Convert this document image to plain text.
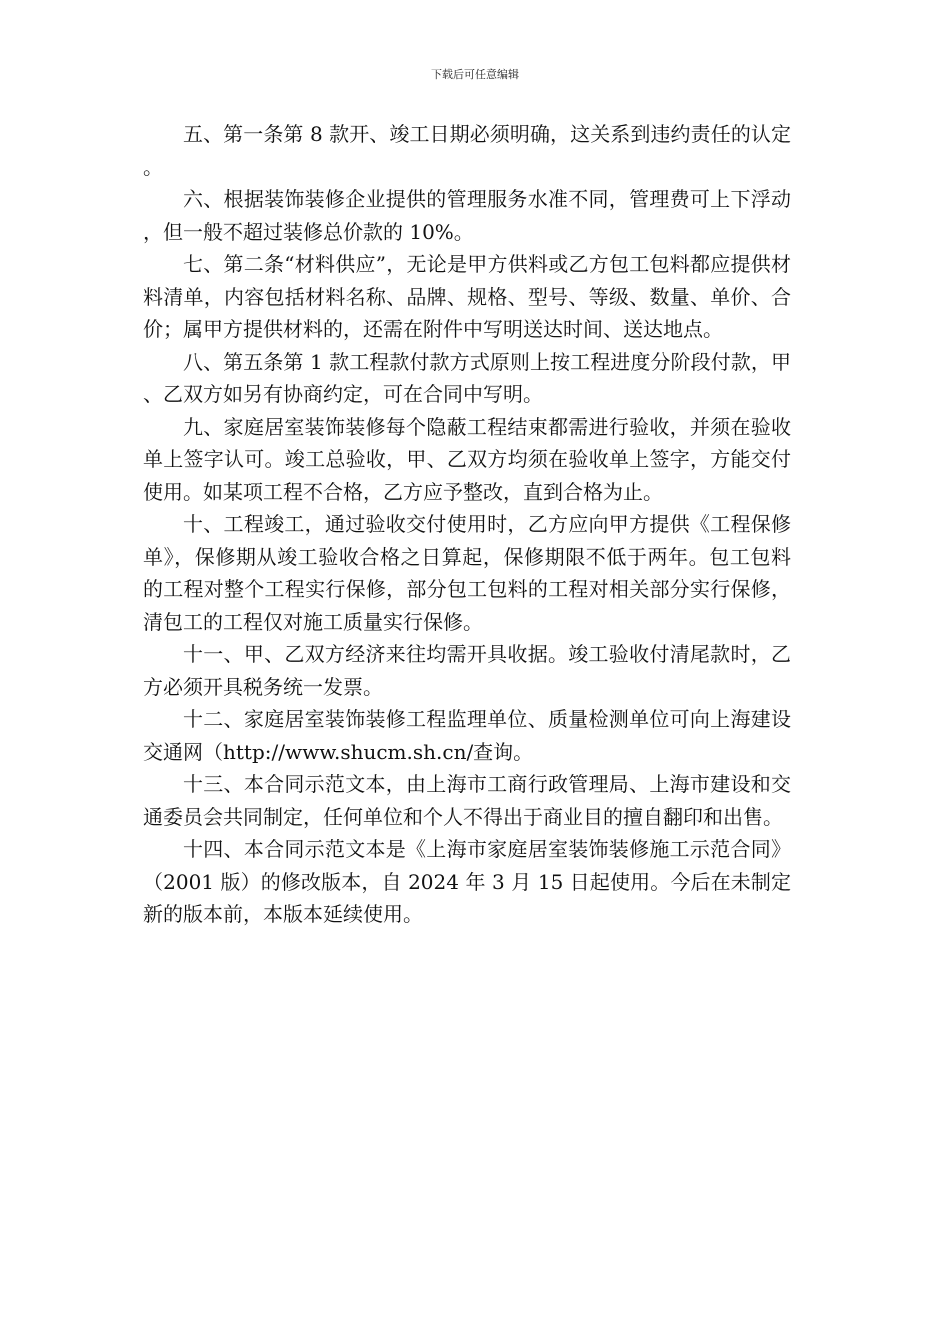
下载后可任意编辑

五、第一条第 8 款开、竣工日期必须明确，这关系到违约责任的认定。

六、根据装饰装修企业提供的管理服务水准不同，管理费可上下浮动，但一般不超过装修总价款的 10%。

七、第二条“材料供应”，无论是甲方供料或乙方包工包料都应提供材料清单，内容包括材料名称、品牌、规格、型号、等级、数量、单价、合价；属甲方提供材料的，还需在附件中写明送达时间、送达地点。

八、第五条第 1 款工程款付款方式原则上按工程进度分阶段付款，甲、乙双方如另有协商约定，可在合同中写明。

九、家庭居室装饰装修每个隐蔽工程结束都需进行验收，并须在验收单上签字认可。竣工总验收，甲、乙双方均须在验收单上签字，方能交付使用。如某项工程不合格，乙方应予整改，直到合格为止。

十、工程竣工，通过验收交付使用时，乙方应向甲方提供《工程保修单》，保修期从竣工验收合格之日算起，保修期限不低于两年。包工包料的工程对整个工程实行保修，部分包工包料的工程对相关部分实行保修，清包工的工程仅对施工质量实行保修。

十一、甲、乙双方经济来往均需开具收据。竣工验收付清尾款时，乙方必须开具税务统一发票。

十二、家庭居室装饰装修工程监理单位、质量检测单位可向上海建设交通网（http://www.shucm.sh.cn/查询。

十三、本合同示范文本，由上海市工商行政管理局、上海市建设和交通委员会共同制定，任何单位和个人不得出于商业目的擅自翻印和出售。

十四、本合同示范文本是《上海市家庭居室装饰装修施工示范合同》（2001 版）的修改版本，自 2024 年 3 月 15 日起使用。今后在未制定新的版本前，本版本延续使用。
